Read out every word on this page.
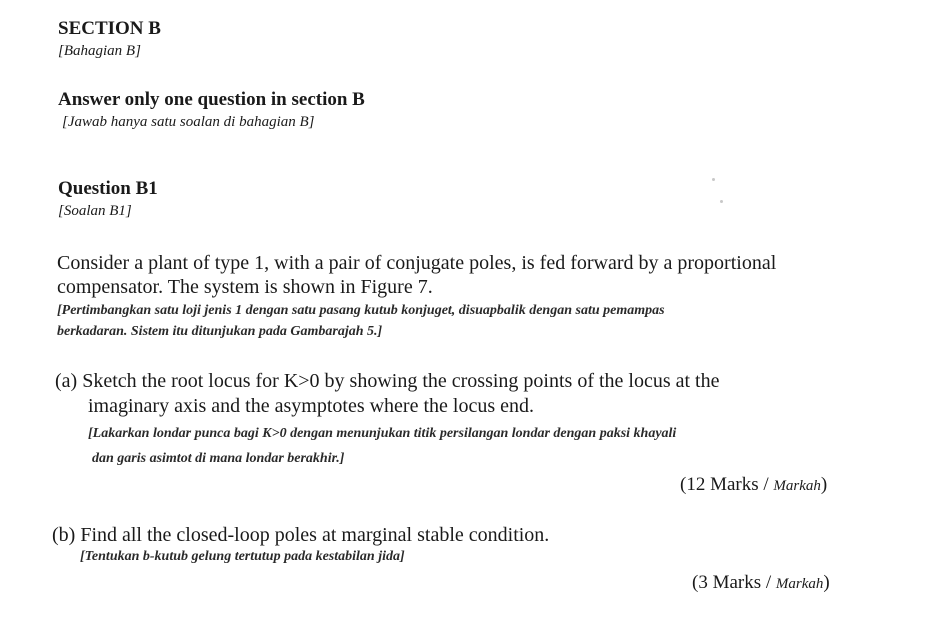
SECTION B
[Bahagian B]
Answer only one question in section B
[Jawab hanya satu soalan di bahagian B]
Question B1
[Soalan B1]
Consider a plant of type 1, with a pair of conjugate poles, is fed forward by a proportional
compensator. The system is shown in Figure 7.
[Pertimbangkan satu loji jenis 1 dengan satu pasang kutub konjuget, disuapbalik dengan satu pemampas
berkadaran. Sistem itu ditunjukan pada Gambarajah 5.]
(a) Sketch the root locus for K>0 by showing the crossing points of the locus at the
imaginary axis and the asymptotes where the locus end.
[Lakarkan londar punca bagi K>0 dengan menunjukan titik persilangan londar dengan paksi khayali
dan garis asimtot di mana londar berakhir.]
(12 Marks / Markah)
(b) Find all the closed-loop poles at marginal stable condition.
[Tentukan b-kutub gelung tertutup pada kestabilan jida]
(3 Marks / Markah)
